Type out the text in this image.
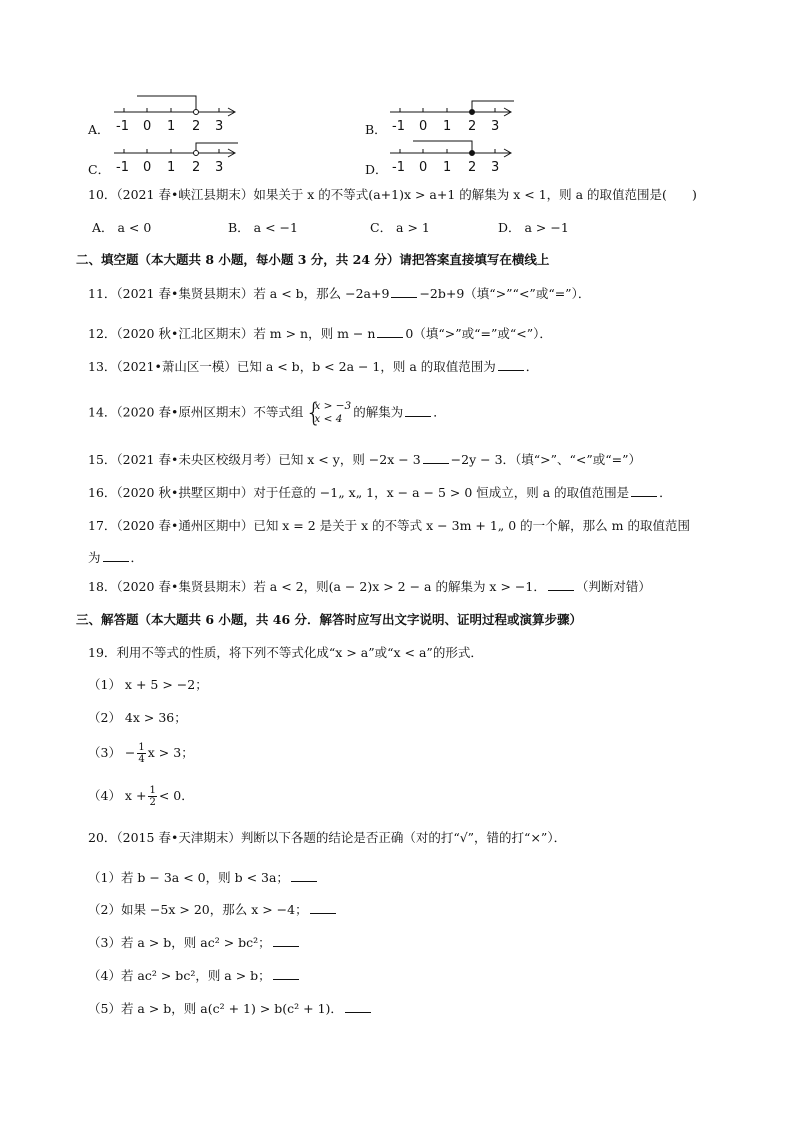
A． -1 0 1 2 3	B． -1 0 1 2 3
C． -1 0 1 2 3	D． -1 0 1 2 3
10．（2021 春•峡江县期末）如果关于 x 的不等式(a+1)x > a+1 的解集为 x < 1，则 a 的取值范围是(　　)
A． a < 0	B． a < −1	C． a > 1	D． a > −1
二、填空题（本大题共 8 小题，每小题 3 分，共 24 分）请把答案直接填写在横线上
11．（2021 春•集贤县期末）若 a < b，那么 −2a+9 −2b+9（填“>”“<”或“=”）．
12．（2020 秋•江北区期末）若 m > n，则 m − n 0（填“>”或“=”或“<”）．
13．（2021•萧山区一模）已知 a < b，b < 2a − 1，则 a 的取值范围为 ．
14．（2020 春•原州区期末）不等式组 {
x > −3
x < 4 的解集为 ．
15．（2021 春•未央区校级月考）已知 x < y，则 −2x − 3 −2y − 3．（填“>”、“<”或“=”）
16．（2020 秋•拱墅区期中）对于任意的 −1„ x„ 1，x − a − 5 > 0 恒成立，则 a 的取值范围是 ．
17．（2020 春•通州区期中）已知 x = 2 是关于 x 的不等式 x − 3m + 1„ 0 的一个解，那么 m 的取值范围
为 ．
18．（2020 春•集贤县期末）若 a < 2，则(a − 2)x > 2 − a 的解集为 x > −1． （判断对错）
三、解答题（本大题共 6 小题，共 46 分．解答时应写出文字说明、证明过程或演算步骤）
19．利用不等式的性质，将下列不等式化成“x > a”或“x < a”的形式．
（1） x + 5 > −2；
（2） 4x > 36；
$(3) - \frac{1}{4}$ x > 3；
（4） $x + \frac{1}{2} < 0$．
20．（2015 春•天津期末）判断以下各题的结论是否正确（对的打“√”，错的打“×”）．
（1）若 b − 3a < 0，则 b < 3a；
（2）如果 −5x > 20，那么 x > −4；
（3）若 a > b，则 ac² > bc²；
（4）若 ac² > bc²，则 a > b；
（5）若 a > b，则 a(c² + 1) > b(c² + 1)．
